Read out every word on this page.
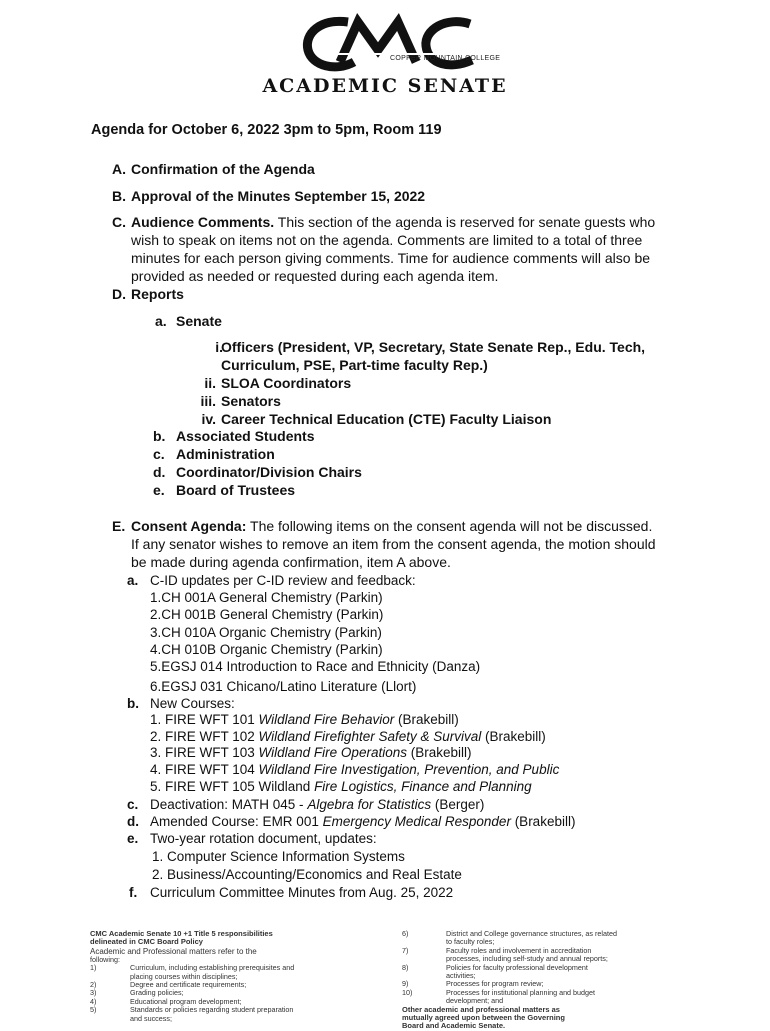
COPPER MOUNTAIN COLLEGE
ACADEMIC SENATE
Agenda for October 6, 2022 3pm to 5pm, Room 119
A. Confirmation of the Agenda
B. Approval of the Minutes September 15, 2022
C. Audience Comments. This section of the agenda is reserved for senate guests who
wish to speak on items not on the agenda. Comments are limited to a total of three
minutes for each person giving comments. Time for audience comments will also be
provided as needed or requested during each agenda item.
D. Reports
a. Senate
i.
Officers (President, VP, Secretary, State Senate Rep., Edu. Tech,
Curriculum, PSE, Part-time faculty Rep.)
ii. SLOA Coordinators
iii. Senators
iv. Career Technical Education (CTE) Faculty Liaison
b. Associated Students
c. Administration
d. Coordinator/Division Chairs
e. Board of Trustees
E. Consent Agenda: The following items on the consent agenda will not be discussed.
If any senator wishes to remove an item from the consent agenda, the motion should
be made during agenda confirmation, item A above.
a. C-ID updates per C-ID review and feedback:
1.CH 001A General Chemistry (Parkin)
2.CH 001B General Chemistry (Parkin)
3.CH 010A Organic Chemistry (Parkin)
4.CH 010B Organic Chemistry (Parkin)
5.EGSJ 014 Introduction to Race and Ethnicity (Danza)
6.EGSJ 031 Chicano/Latino Literature (Llort)
b. New Courses:
1. FIRE WFT 101 Wildland Fire Behavior (Brakebill)
2. FIRE WFT 102 Wildland Firefighter Safety & Survival (Brakebill)
3. FIRE WFT 103 Wildland Fire Operations (Brakebill)
4. FIRE WFT 104 Wildland Fire Investigation, Prevention, and Public
5. FIRE WFT 105 Wildland Fire Logistics, Finance and Planning
c. Deactivation: MATH 045 - Algebra for Statistics (Berger)
d. Amended Course: EMR 001 Emergency Medical Responder (Brakebill)
e. Two-year rotation document, updates:
1. Computer Science Information Systems
2. Business/Accounting/Economics and Real Estate
f. Curriculum Committee Minutes from Aug. 25, 2022
CMC Academic Senate 10 +1 Title 5 responsibilities
delineated in CMC Board Policy
Academic and Professional matters refer to the
following:
1)	Curriculum, including establishing prerequisites and
placing courses within disciplines;
2)	Degree and certificate requirements;
3)	Grading policies;
4)	Educational program development;
5)	Standards or policies regarding student preparation
and success;
6)	District and College governance structures, as related
to faculty roles;
7)	Faculty roles and involvement in accreditation
processes, including self-study and annual reports;
8)	Policies for faculty professional development
activities;
9)	Processes for program review;
10)	Processes for institutional planning and budget
development; and
Other academic and professional matters as
mutually agreed upon between the Governing
Board and Academic Senate.
